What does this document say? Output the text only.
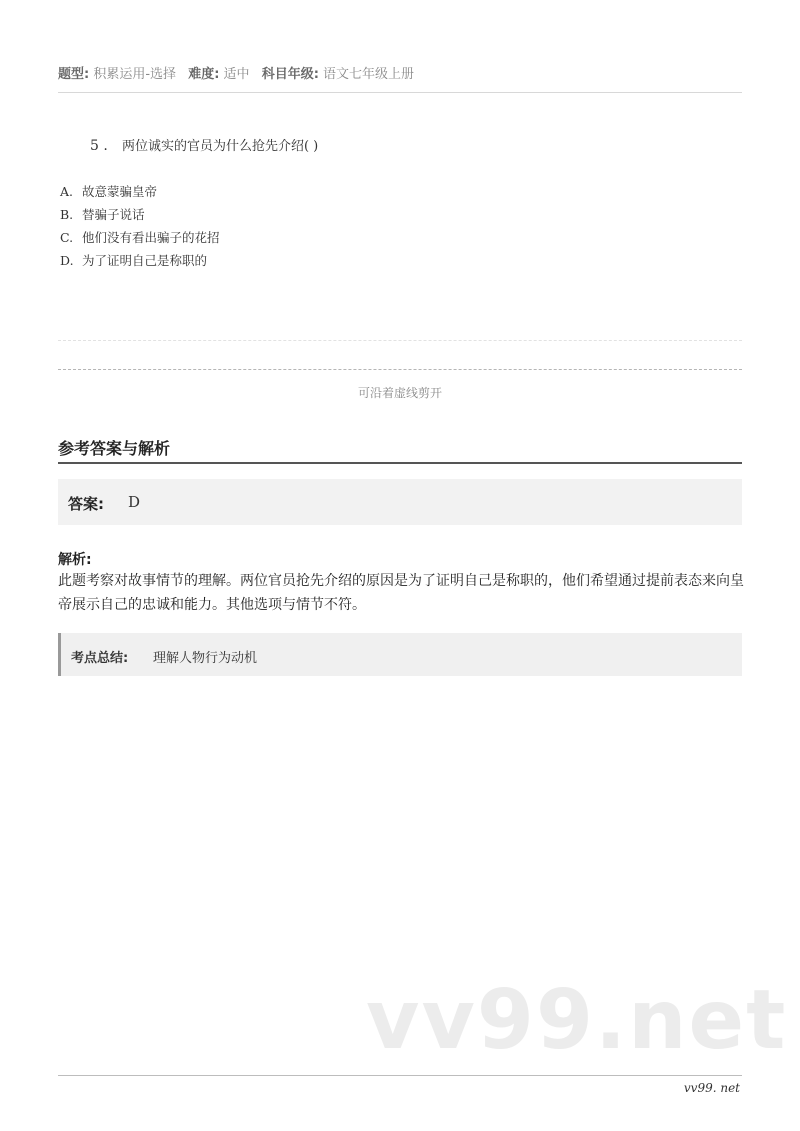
题型: 积累运用-选择 难度: 适中 科目年级: 语文七年级上册
5 . 两位诚实的官员为什么抢先介绍( )
A. 故意蒙骗皇帝
B. 替骗子说话
C. 他们没有看出骗子的花招
D. 为了证明自己是称职的
可沿着虚线剪开
参考答案与解析
答案: D
解析:
此题考察对故事情节的理解。两位官员抢先介绍的原因是为了证明自己是称职的，他们希望通过提前表态来向皇帝展示自己的忠诚和能力。其他选项与情节不符。
考点总结: 理解人物行为动机
vv99.net
vv99. net
